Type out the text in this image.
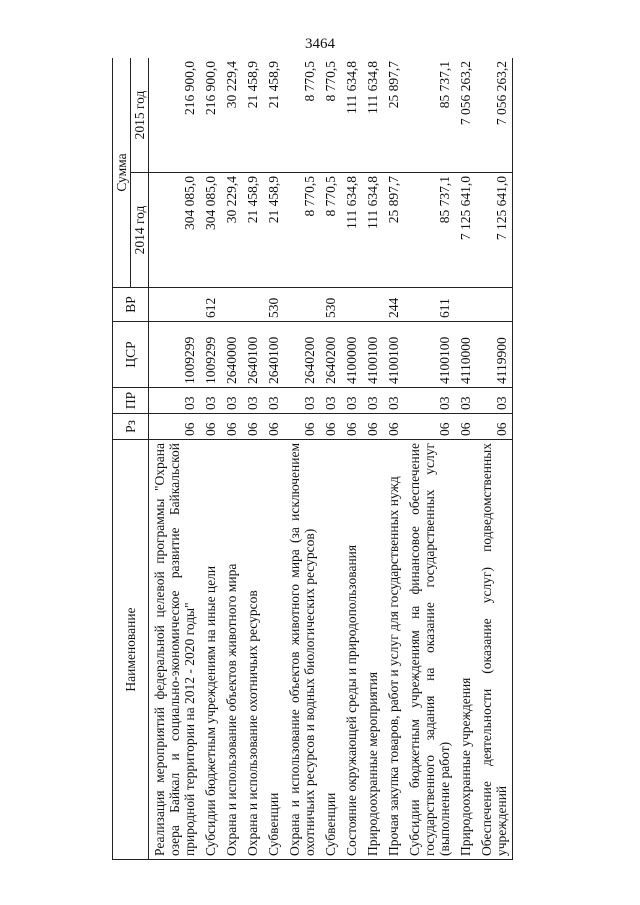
3464
Наименование	Рз	ПР	ЦСР	ВР	Сумма	
					2014 год	2015 год
Реализация мероприятий федеральной целевой программы "Охрана озера Байкал и социально-экономическое развитие Байкальской природной территории на 2012 - 2020 годы"	06	03	1009299		304 085,0	216 900,0
Субсидии бюджетным учреждениям на иные цели	06	03	1009299	612	304 085,0	216 900,0
Охрана и использование объектов животного мира	06	03	2640000		30 229,4	30 229,4
Охрана и использование охотничьих ресурсов	06	03	2640100		21 458,9	21 458,9
Субвенции	06	03	2640100	530	21 458,9	21 458,9
Охрана и использование объектов животного мира (за исключением охотничьих ресурсов и водных биологических ресурсов)	06	03	2640200		8 770,5	8 770,5
Субвенции	06	03	2640200	530	8 770,5	8 770,5
Состояние окружающей среды и природопользования	06	03	4100000		111 634,8	111 634,8
Природоохранные мероприятия	06	03	4100100		111 634,8	111 634,8
Прочая закупка товаров, работ и услуг для государственных нужд	06	03	4100100	244	25 897,7	25 897,7
Субсидии бюджетным учреждениям на финансовое обеспечение государственного задания на оказание государственных услуг (выполнение работ)	06	03	4100100	611	85 737,1	85 737,1
Природоохранные учреждения	06	03	4110000		7 125 641,0	7 056 263,2
Обеспечение деятельности (оказание услуг) подведомственных учреждений	06	03	4119900		7 125 641,0	7 056 263,2
